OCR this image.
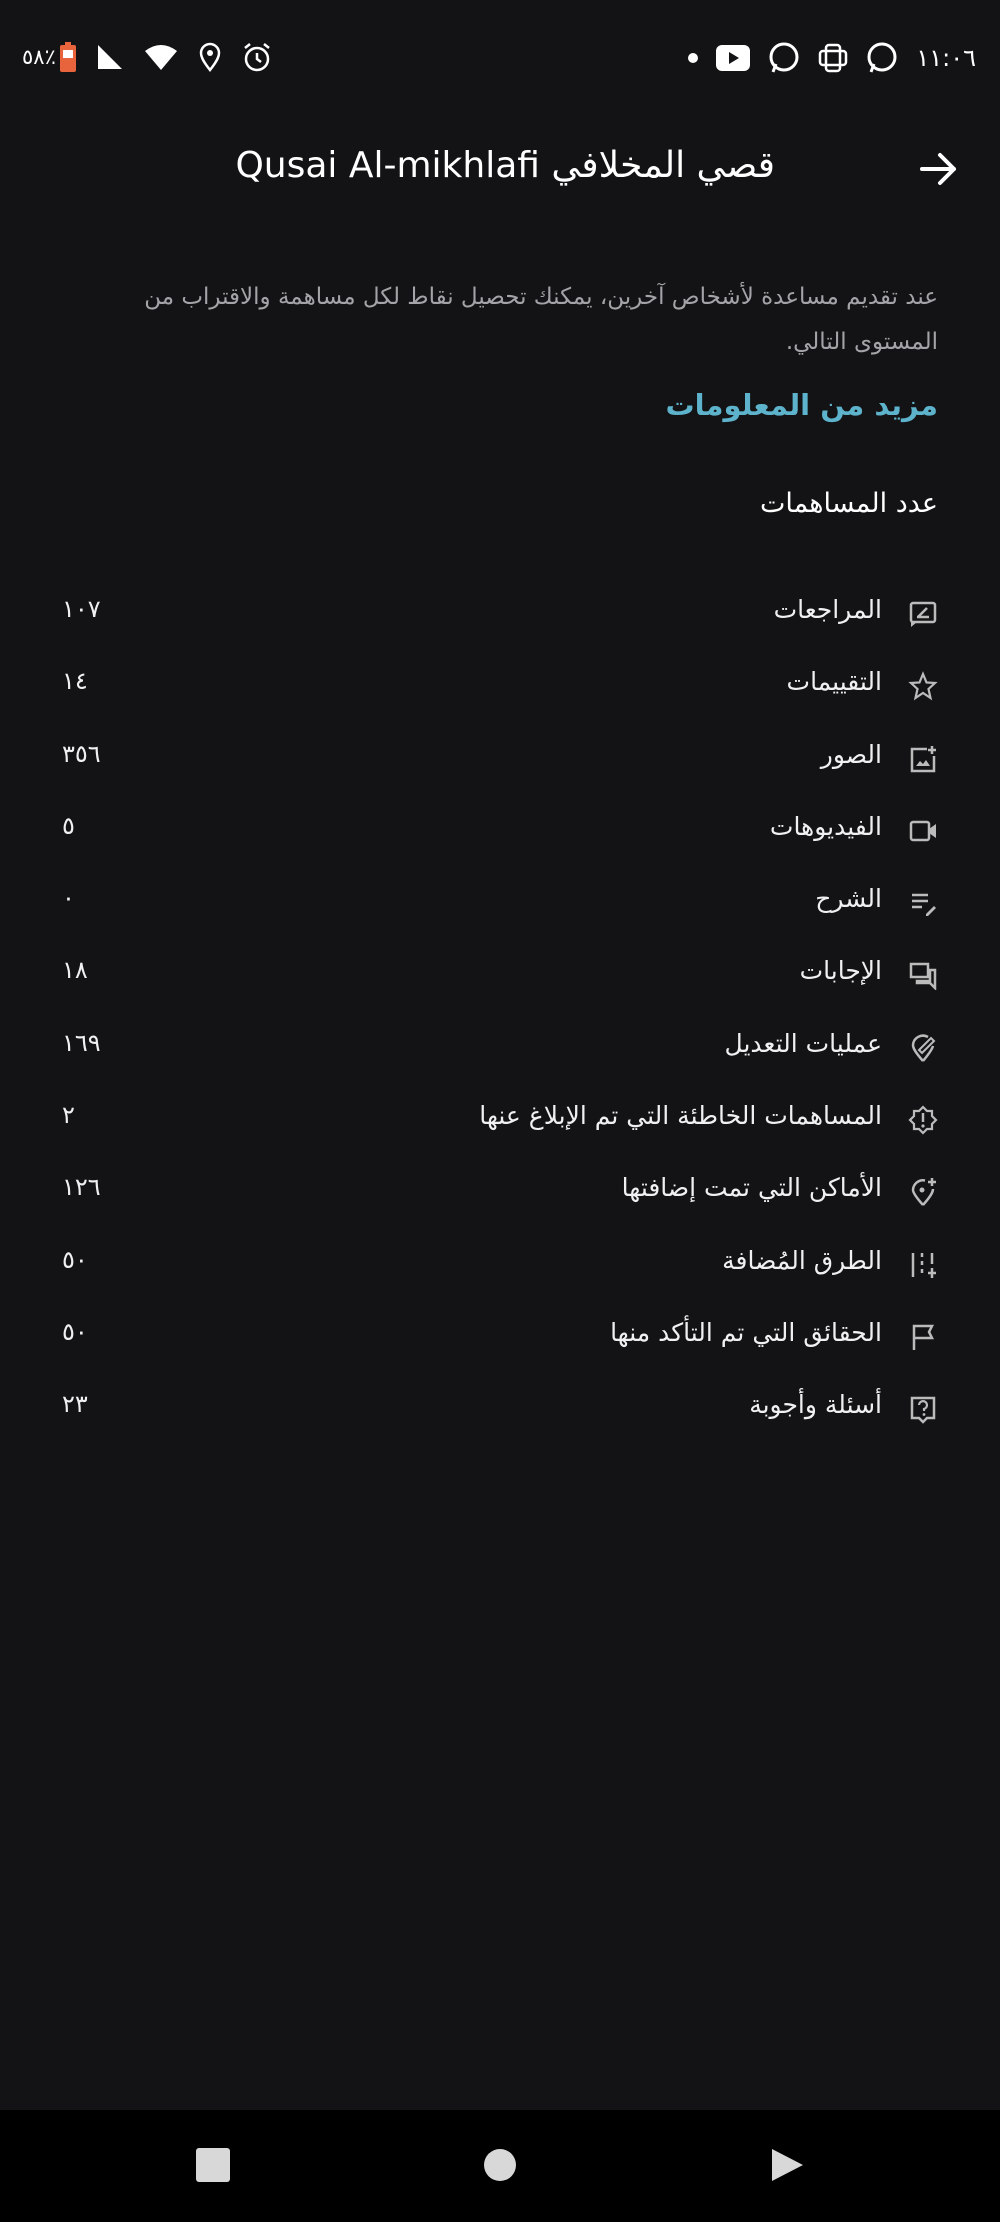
١١:٠٦
٥٨٪
قصي المخلافي Qusai Al-mikhlafi
عند تقديم مساعدة لأشخاص آخرين، يمكنك تحصيل نقاط لكل مساهمة والاقتراب من المستوى التالي.
مزيد من المعلومات
عدد المساهمات
المراجعات
١٠٧
التقييمات
١٤
الصور
٣٥٦
الفيديوهات
٥
الشرح
٠
الإجابات
١٨
عمليات التعديل
١٦٩
المساهمات الخاطئة التي تم الإبلاغ عنها
٢
الأماكن التي تمت إضافتها
١٢٦
الطرق المُضافة
٥٠
الحقائق التي تم التأكد منها
٥٠
أسئلة وأجوبة
٢٣
